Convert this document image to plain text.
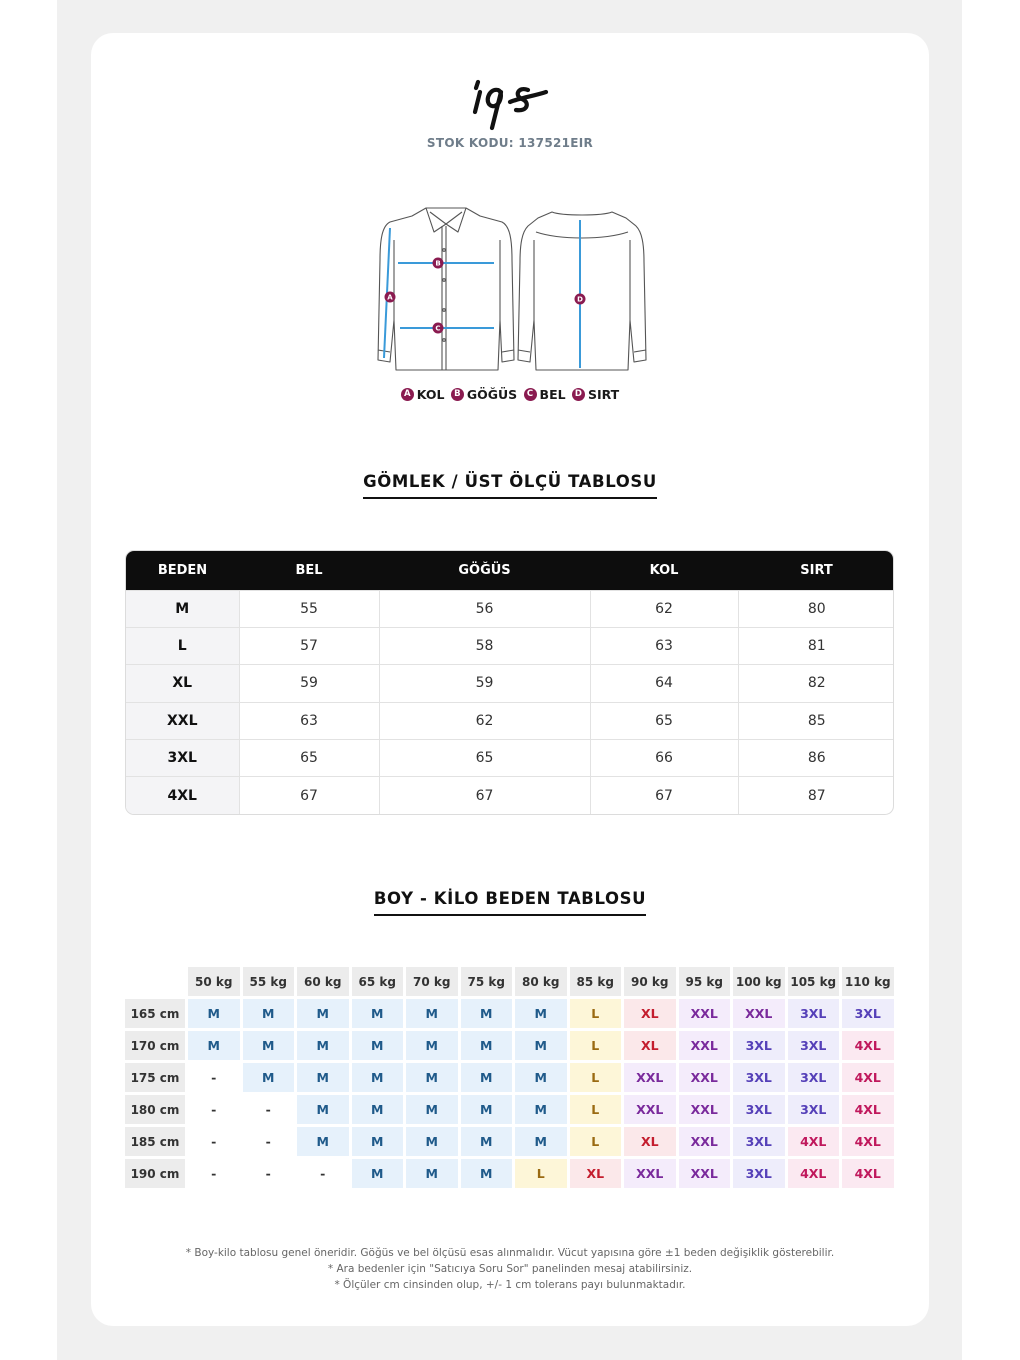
ips
STOK KODU: 137521EIR
A
B
C
D
A KOL
	B GÖĞÜS
	C BEL
	D SIRT
GÖMLEK / ÜST ÖLÇÜ TABLOSU
BEDEN	BEL	GÖĞÜS	KOL	SIRT
M	55	56	62	80
L	57	58	63	81
XL	59	59	64	82
XXL	63	62	65	85
3XL	65	65	66	86
4XL	67	67	67	87
BOY - KİLO BEDEN TABLOSU
	50 kg	55 kg	60 kg	65 kg	70 kg	75 kg	80 kg	85 kg	90 kg	95 kg	100 kg	105 kg	110 kg
165 cm	M	M	M	M	M	M	M	L	XL	XXL	XXL	3XL	3XL
170 cm	M	M	M	M	M	M	M	L	XL	XXL	3XL	3XL	4XL
175 cm	-	M	M	M	M	M	M	L	XXL	XXL	3XL	3XL	4XL
180 cm	-	-	M	M	M	M	M	L	XXL	XXL	3XL	3XL	4XL
185 cm	-	-	M	M	M	M	M	L	XL	XXL	3XL	4XL	4XL
190 cm	-	-	-	M	M	M	L	XL	XXL	XXL	3XL	4XL	4XL
* Boy-kilo tablosu genel öneridir. Göğüs ve bel ölçüsü esas alınmalıdır. Vücut yapısına göre ±1 beden değişiklik gösterebilir.
* Ara bedenler için "Satıcıya Soru Sor" panelinden mesaj atabilirsiniz.
* Ölçüler cm cinsinden olup, +/- 1 cm tolerans payı bulunmaktadır.
